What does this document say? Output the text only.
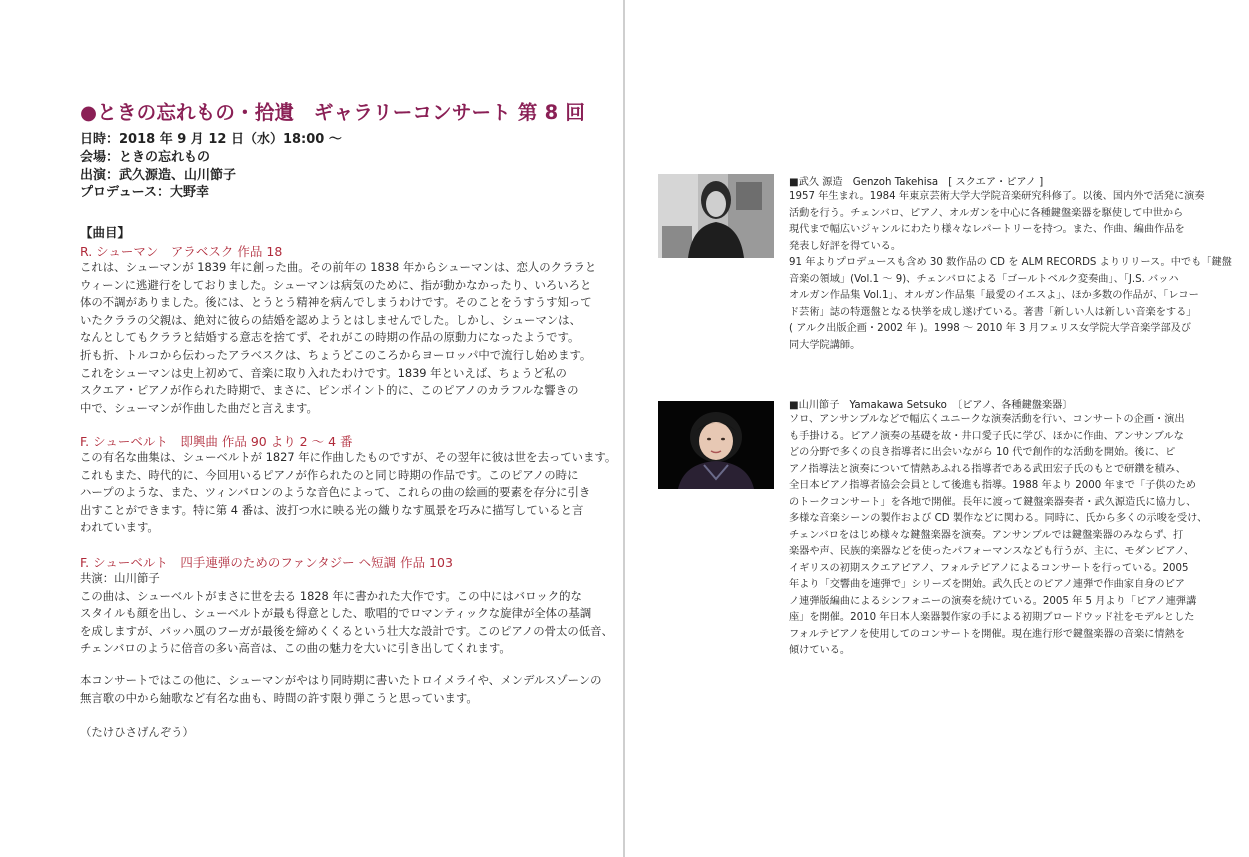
●ときの忘れもの・拾遺　ギャラリーコンサート 第 8 回
日時：2018 年 9 月 12 日（水）18:00 〜
会場：ときの忘れもの
出演：武久源造、山川節子
プロデュース：大野幸
【曲目】
R. シューマン　アラベスク 作品 18
これは、シューマンが 1839 年に創った曲。その前年の 1838 年からシューマンは、恋人のクララと
ウィーンに逃避行をしておりました。シューマンは病気のために、指が動かなかったり、いろいろと
体の不調がありました。後には、とうとう精神を病んでしまうわけです。そのことをうすうす知って
いたクララの父親は、絶対に彼らの結婚を認めようとはしませんでした。しかし、シューマンは、
なんとしてもクララと結婚する意志を捨てず、それがこの時期の作品の原動力になったようです。
折も折、トルコから伝わったアラベスクは、ちょうどこのころからヨーロッパ中で流行し始めます。
これをシューマンは史上初めて、音楽に取り入れたわけです。1839 年といえば、ちょうど私の
スクエア・ピアノが作られた時期で、まさに、ピンポイント的に、このピアノのカラフルな響きの
中で、シューマンが作曲した曲だと言えます。
F. シューベルト　即興曲 作品 90 より 2 〜 4 番
この有名な曲集は、シューベルトが 1827 年に作曲したものですが、その翌年に彼は世を去っています。
これもまた、時代的に、今回用いるピアノが作られたのと同じ時期の作品です。このピアノの時に
ハープのような、また、ツィンバロンのような音色によって、これらの曲の絵画的要素を存分に引き
出すことができます。特に第 4 番は、波打つ水に映る光の織りなす風景を巧みに描写していると言
われています。
F. シューベルト　四手連弾のためのファンタジー ヘ短調 作品 103
共演：山川節子
この曲は、シューベルトがまさに世を去る 1828 年に書かれた大作です。この中にはバロック的な
スタイルも顔を出し、シューベルトが最も得意とした、歌唱的でロマンティックな旋律が全体の基調
を成しますが、バッハ風のフーガが最後を締めくくるという壮大な設計です。このピアノの骨太の低音、
チェンバロのように倍音の多い高音は、この曲の魅力を大いに引き出してくれます。
本コンサートではこの他に、シューマンがやはり同時期に書いたトロイメライや、メンデルスゾーンの
無言歌の中から紬歌など有名な曲も、時間の許す限り弾こうと思っています。
（たけひさげんぞう）
■武久 源造　Genzoh Takehisa　[ スクエア・ピアノ ]
1957 年生まれ。1984 年東京芸術大学大学院音楽研究科修了。以後、国内外で活発に演奏
活動を行う。チェンバロ、ピアノ、オルガンを中心に各種鍵盤楽器を駆使して中世から
現代まで幅広いジャンルにわたり様々なレパートリーを持つ。また、作曲、編曲作品を
発表し好評を得ている。
91 年よりプロデュースも含め 30 数作品の CD を ALM RECORDS よりリリース。中でも「鍵盤
音楽の領域」(Vol.1 〜 9)、チェンバロによる「ゴールトベルク変奏曲」、「J.S. バッハ
オルガン作品集 Vol.1」、オルガン作品集「最愛のイエスよ」、ほか多数の作品が、「レコー
ド芸術」誌の特選盤となる快挙を成し遂げている。著書「新しい人は新しい音楽をする」
( アルク出版企画・2002 年 )。1998 〜 2010 年 3 月フェリス女学院大学音楽学部及び
同大学院講師。
■山川節子　Yamakawa Setsuko　〔ピアノ、各種鍵盤楽器〕
ソロ、アンサンブルなどで幅広くユニークな演奏活動を行い、コンサートの企画・演出
も手掛ける。ピアノ演奏の基礎を故・井口愛子氏に学び、ほかに作曲、アンサンブルな
どの分野で多くの良き指導者に出会いながら 10 代で創作的な活動を開始。後に、ピ
アノ指導法と演奏について情熱あふれる指導者である武田宏子氏のもとで研鑽を積み、
全日本ピアノ指導者協会会員として後進も指導。1988 年より 2000 年まで「子供のため
のトークコンサート」を各地で開催。長年に渡って鍵盤楽器奏者・武久源造氏に協力し、
多様な音楽シーンの製作および CD 製作などに関わる。同時に、氏から多くの示唆を受け、
チェンバロをはじめ様々な鍵盤楽器を演奏。アンサンブルでは鍵盤楽器のみならず、打
楽器や声、民族的楽器などを使ったパフォーマンスなども行うが、主に、モダンピアノ、
イギリスの初期スクエアピアノ、フォルテピアノによるコンサートを行っている。2005
年より「交響曲を連弾で」シリーズを開始。武久氏とのピアノ連弾で作曲家自身のピア
ノ連弾版編曲によるシンフォニーの演奏を続けている。2005 年 5 月より「ピアノ連弾講
座」を開催。2010 年日本人楽器製作家の手による初期ブロードウッド社をモデルとした
フォルテピアノを使用してのコンサートを開催。現在進行形で鍵盤楽器の音楽に情熱を
傾けている。
